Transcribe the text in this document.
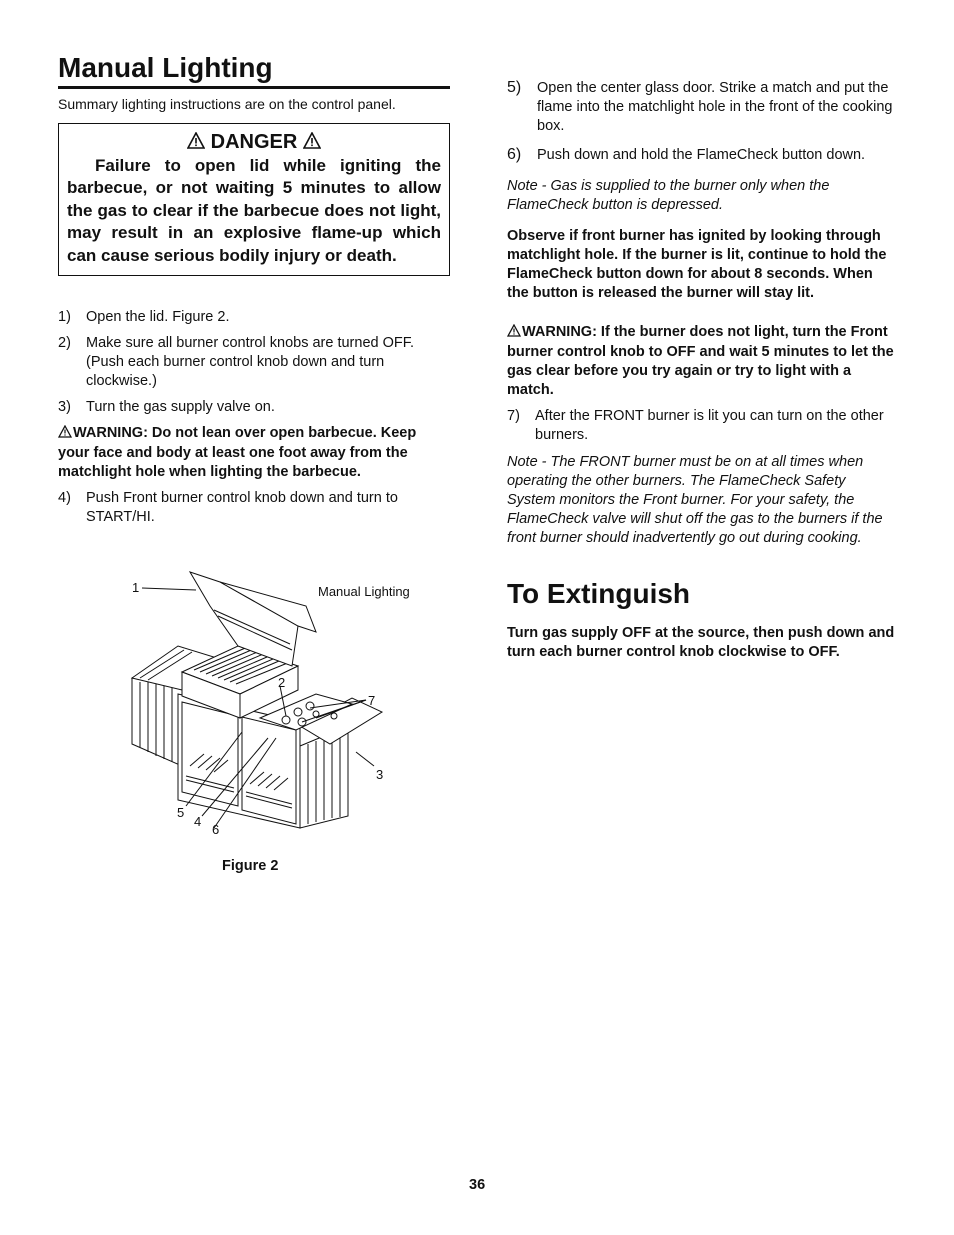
Manual Lighting
Summary lighting instructions are on the control panel.
DANGER
Failure to open lid while igniting the barbecue, or not waiting 5 minutes to allow the gas to clear if the barbecue does not light, may result in an explosive flame-up which can cause serious bodily injury or death.
1)	Open the lid. Figure 2.
2)	Make sure all burner control knobs are turned OFF. (Push each burner control knob down and turn clockwise.)
3)	Turn the gas supply valve on.
WARNING: Do not lean over open barbecue. Keep your face and body at least one foot away from the matchlight hole when lighting the barbecue.
4)	Push Front burner control knob down and turn to START/HI.
1
2
3
4
5
6
7
Manual Lighting
Figure 2
5)	Open the center glass door. Strike a match and put the flame into the matchlight hole in the front of the cooking box.
6)	Push down and hold the FlameCheck button down.
Note - Gas is supplied to the burner only when the FlameCheck button is depressed.
Observe if front burner has ignited by looking through matchlight hole. If the burner is lit, continue to hold the FlameCheck button down for about 8 seconds. When the button is released the burner will stay lit.
WARNING: If the burner does not light, turn the Front burner control knob to OFF and wait 5 minutes to let the gas clear before you try again or try to light with a match.
7)	After the FRONT burner is lit you can turn on the other burners.
Note - The FRONT burner must be on at all times when operating the other burners. The FlameCheck Safety System monitors the Front burner. For your safety, the FlameCheck valve will shut off the gas to the burners if the front burner should inadvertently go out during cooking.
To Extinguish
Turn gas supply OFF at the source, then push down and turn each burner control knob clockwise to OFF.
36
